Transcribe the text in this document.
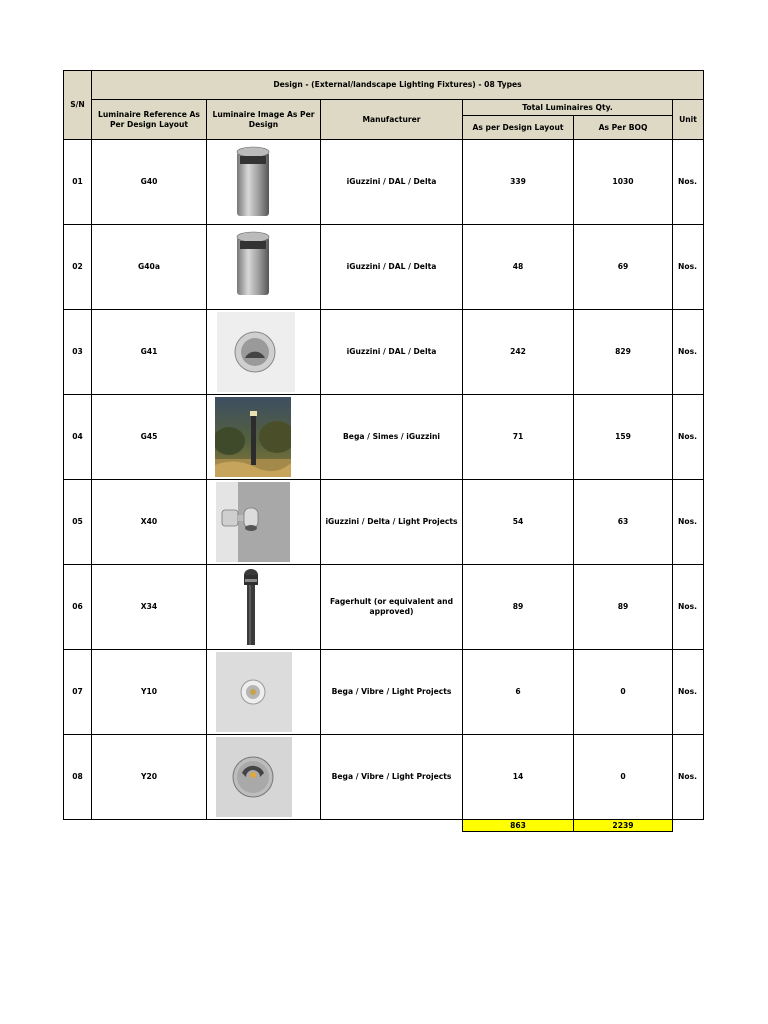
S/N	Design - (External/landscape Lighting Fixtures) - 08 Types					
	Luminaire Reference As Per Design Layout	Luminaire Image As Per Design	Manufacturer	Total Luminaires Qty.		Unit
				As per Design Layout	As Per BOQ	
01	G40		iGuzzini / DAL / Delta	339	1030	Nos.
02	G40a		iGuzzini / DAL / Delta	48	69	Nos.
03	G41		iGuzzini / DAL / Delta	242	829	Nos.
04	G45		Bega / Simes / iGuzzini	71	159	Nos.
05	X40		iGuzzini / Delta / Light Projects	54	63	Nos.
06	X34		Fagerhult (or equivalent and approved)	89	89	Nos.
07	Y10		Bega / Vibre / Light Projects	6	0	Nos.
08	Y20		Bega / Vibre / Light Projects	14	0	Nos.
				863	2239	
